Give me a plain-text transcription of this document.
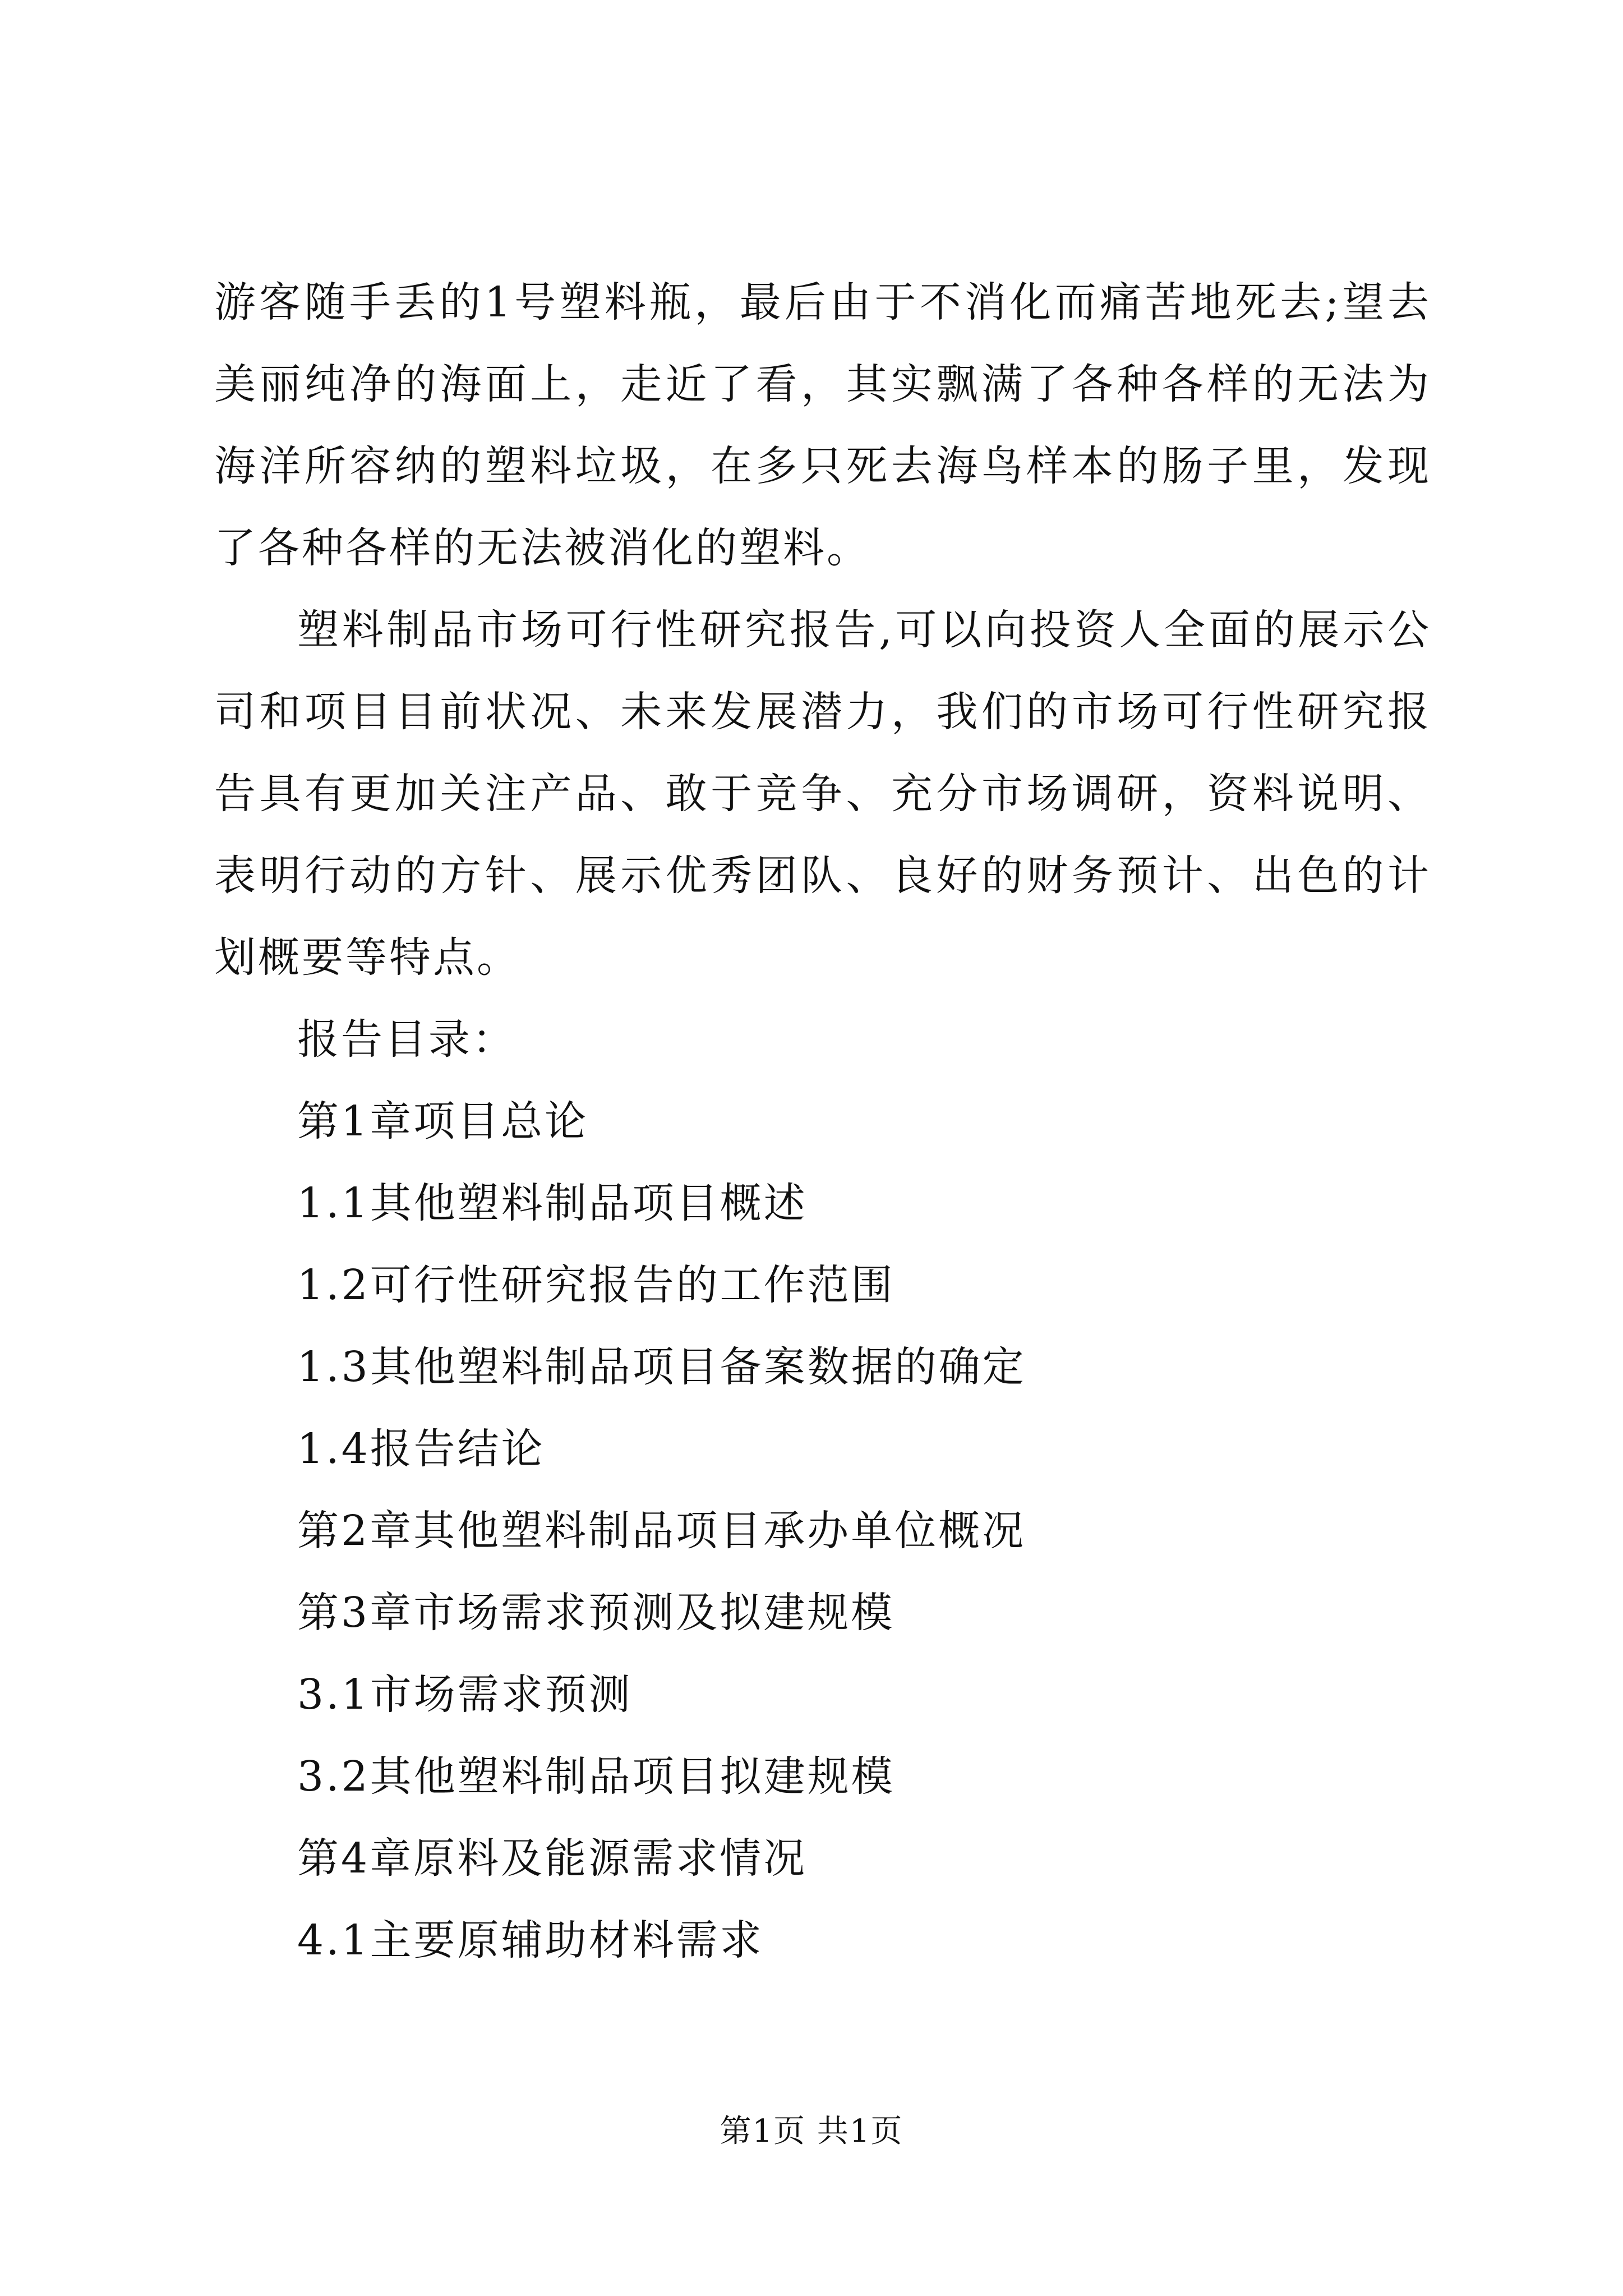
游客随手丢的1号塑料瓶，最后由于不消化而痛苦地死去;望去美丽纯净的海面上，走近了看，其实飘满了各种各样的无法为海洋所容纳的塑料垃圾，在多只死去海鸟样本的肠子里，发现了各种各样的无法被消化的塑料。

塑料制品市场可行性研究报告,可以向投资人全面的展示公司和项目目前状况、未来发展潜力，我们的市场可行性研究报告具有更加关注产品、敢于竞争、充分市场调研，资料说明、表明行动的方针、展示优秀团队、良好的财务预计、出色的计划概要等特点。

报告目录：

第1章项目总论
1.1其他塑料制品项目概述
1.2可行性研究报告的工作范围
1.3其他塑料制品项目备案数据的确定
1.4报告结论
第2章其他塑料制品项目承办单位概况
第3章市场需求预测及拟建规模
3.1市场需求预测
3.2其他塑料制品项目拟建规模
第4章原料及能源需求情况
4.1主要原辅助材料需求
第1页 共1页
